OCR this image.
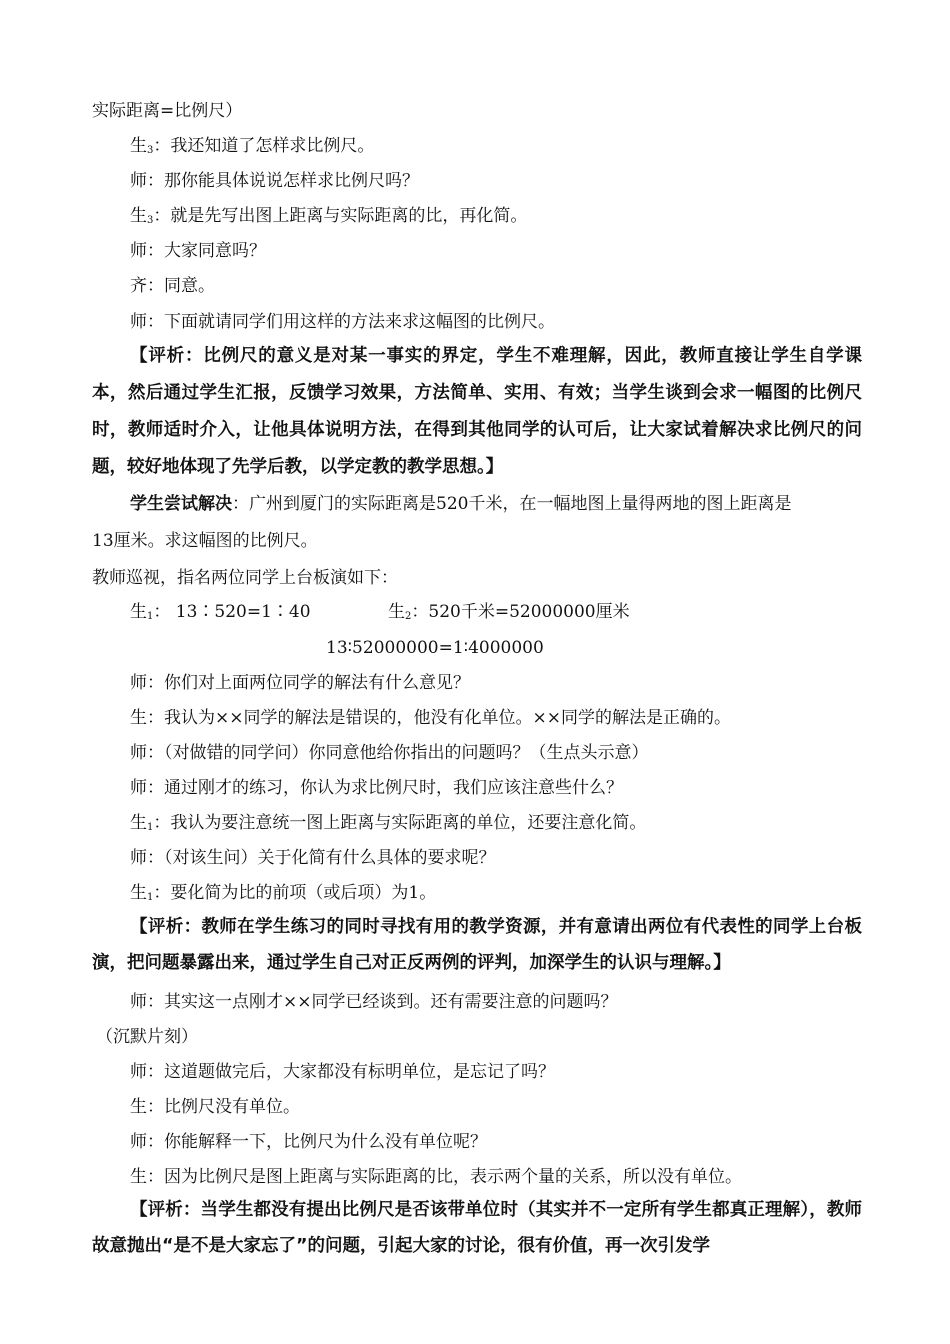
实际距离=比例尺）
生$_3$：我还知道了怎样求比例尺。
师：那你能具体说说怎样求比例尺吗？
生$_3$：就是先写出图上距离与实际距离的比，再化简。
师：大家同意吗？
齐：同意。
师：下面就请同学们用这样的方法来求这幅图的比例尺。
【评析：比例尺的意义是对某一事实的界定，学生不难理解，因此，教师直接让学生自学课本，然后通过学生汇报，反馈学习效果，方法简单、实用、有效；当学生谈到会求一幅图的比例尺时，教师适时介入，让他具体说明方法，在得到其他同学的认可后，让大家试着解决求比例尺的问题，较好地体现了先学后教，以学定教的教学思想。】
学生尝试解决：广州到厦门的实际距离是520千米，在一幅地图上量得两地的图上距离是
13厘米。求这幅图的比例尺。
教师巡视，指名两位同学上台板演如下：
生$_1$： 13∶520=1∶40	生$_2$：520千米=52000000厘米
13∶52000000=1∶4000000
师：你们对上面两位同学的解法有什么意见？
生：我认为××同学的解法是错误的，他没有化单位。××同学的解法是正确的。
师：（对做错的同学问）你同意他给你指出的问题吗？（生点头示意）
师：通过刚才的练习，你认为求比例尺时，我们应该注意些什么？
生$_1$：我认为要注意统一图上距离与实际距离的单位，还要注意化简。
师：（对该生问）关于化简有什么具体的要求呢？
生$_1$：要化简为比的前项（或后项）为1。
【评析：教师在学生练习的同时寻找有用的教学资源，并有意请出两位有代表性的同学上台板演，把问题暴露出来，通过学生自己对正反两例的评判，加深学生的认识与理解。】
师：其实这一点刚才××同学已经谈到。还有需要注意的问题吗？
（沉默片刻）
师：这道题做完后，大家都没有标明单位，是忘记了吗？
生：比例尺没有单位。
师：你能解释一下，比例尺为什么没有单位呢？
生：因为比例尺是图上距离与实际距离的比，表示两个量的关系，所以没有单位。
【评析：当学生都没有提出比例尺是否该带单位时（其实并不一定所有学生都真正理解），教师故意抛出“是不是大家忘了”的问题，引起大家的讨论，很有价值，再一次引发学
